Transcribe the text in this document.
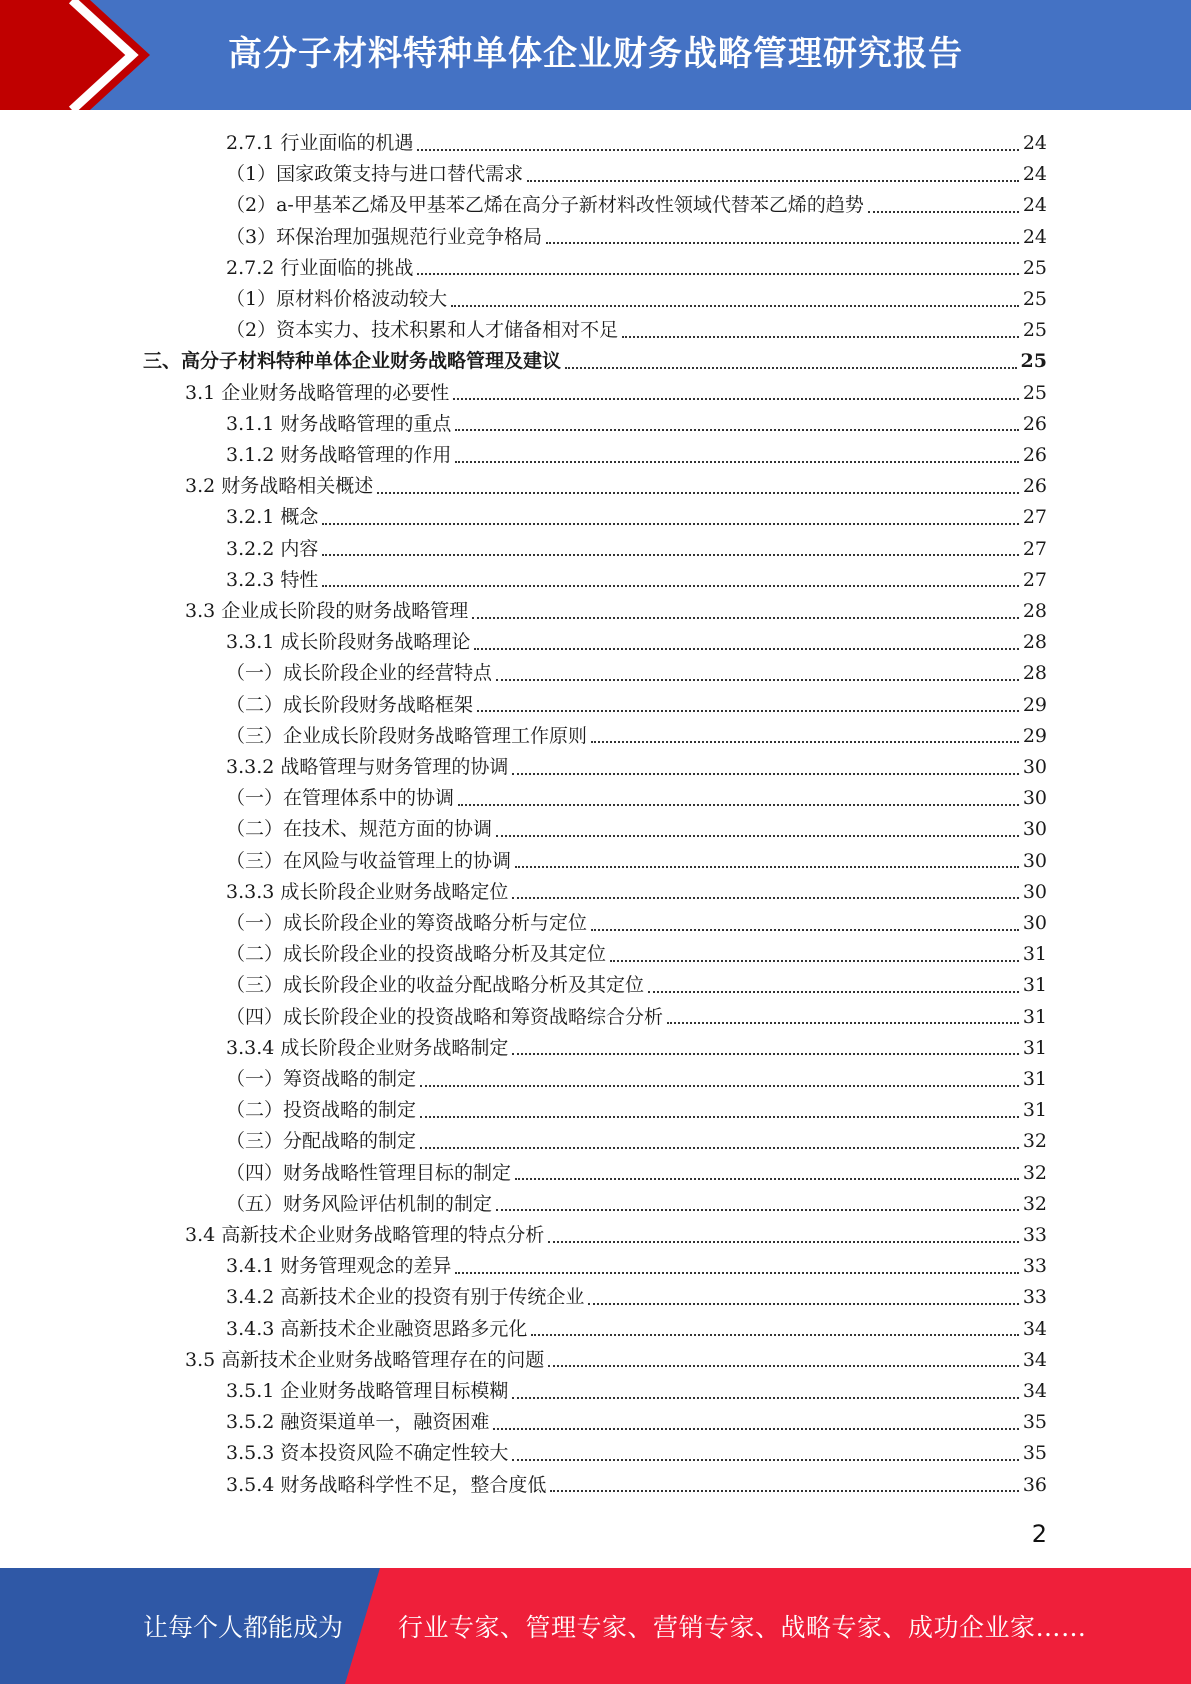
高分子材料特种单体企业财务战略管理研究报告
2.7.1 行业面临的机遇	24
（1）国家政策支持与进口替代需求	24
（2）a-甲基苯乙烯及甲基苯乙烯在高分子新材料改性领域代替苯乙烯的趋势	24
（3）环保治理加强规范行业竞争格局	24
2.7.2 行业面临的挑战	25
（1）原材料价格波动较大	25
（2）资本实力、技术积累和人才储备相对不足	25
三、高分子材料特种单体企业财务战略管理及建议	25
3.1 企业财务战略管理的必要性	25
3.1.1 财务战略管理的重点	26
3.1.2 财务战略管理的作用	26
3.2 财务战略相关概述	26
3.2.1 概念	27
3.2.2 内容	27
3.2.3 特性	27
3.3 企业成长阶段的财务战略管理	28
3.3.1 成长阶段财务战略理论	28
（一）成长阶段企业的经营特点	28
（二）成长阶段财务战略框架	29
（三）企业成长阶段财务战略管理工作原则	29
3.3.2 战略管理与财务管理的协调	30
（一）在管理体系中的协调	30
（二）在技术、规范方面的协调	30
（三）在风险与收益管理上的协调	30
3.3.3 成长阶段企业财务战略定位	30
（一）成长阶段企业的筹资战略分析与定位	30
（二）成长阶段企业的投资战略分析及其定位	31
（三）成长阶段企业的收益分配战略分析及其定位	31
（四）成长阶段企业的投资战略和筹资战略综合分析	31
3.3.4 成长阶段企业财务战略制定	31
（一）筹资战略的制定	31
（二）投资战略的制定	31
（三）分配战略的制定	32
（四）财务战略性管理目标的制定	32
（五）财务风险评估机制的制定	32
3.4 高新技术企业财务战略管理的特点分析	33
3.4.1 财务管理观念的差异	33
3.4.2 高新技术企业的投资有别于传统企业	33
3.4.3 高新技术企业融资思路多元化	34
3.5 高新技术企业财务战略管理存在的问题	34
3.5.1 企业财务战略管理目标模糊	34
3.5.2 融资渠道单一，融资困难	35
3.5.3 资本投资风险不确定性较大	35
3.5.4 财务战略科学性不足，整合度低	36
2
让每个人都能成为 行业专家、管理专家、营销专家、战略专家、成功企业家……
